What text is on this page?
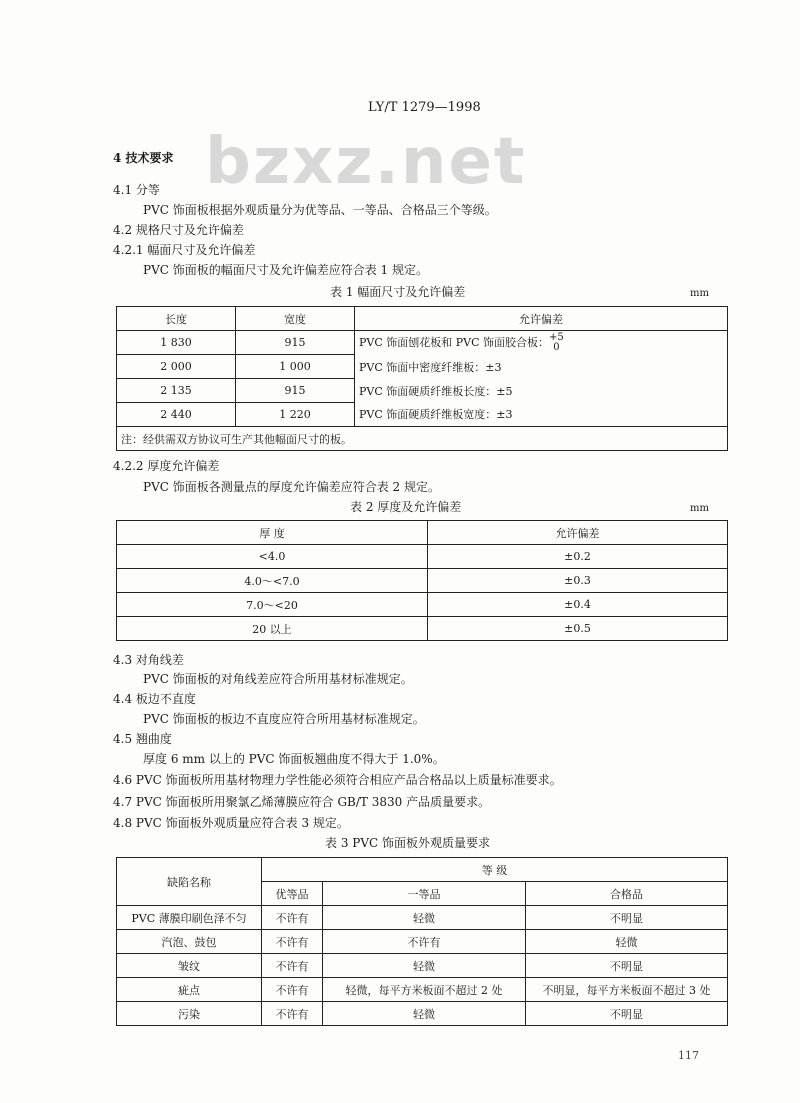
bzxz.net
LY/T 1279—1998
4 技术要求
4.1 分等
PVC 饰面板根据外观质量分为优等品、一等品、合格品三个等级。
4.2 规格尺寸及允许偏差
4.2.1 幅面尺寸及允许偏差
PVC 饰面板的幅面尺寸及允许偏差应符合表 1 规定。
表 1 幅面尺寸及允许偏差	mm
长度	宽度	允许偏差
1 830	915	PVC 饰面刨花板和 PVC 饰面胶合板：+5
0
2 000	1 000	PVC 饰面中密度纤维板：±3
2 135	915	PVC 饰面硬质纤维板长度：±5
2 440	1 220	PVC 饰面硬质纤维板宽度：±3
注：经供需双方协议可生产其他幅面尺寸的板。		
4.2.2 厚度允许偏差
PVC 饰面板各测量点的厚度允许偏差应符合表 2 规定。
表 2 厚度及允许偏差	mm
厚 度	允许偏差
<4.0	±0.2
4.0～<7.0	±0.3
7.0～<20	±0.4
20 以上	±0.5
4.3 对角线差
PVC 饰面板的对角线差应符合所用基材标准规定。
4.4 板边不直度
PVC 饰面板的板边不直度应符合所用基材标准规定。
4.5 翘曲度
厚度 6 mm 以上的 PVC 饰面板翘曲度不得大于 1.0%。
4.6 PVC 饰面板所用基材物理力学性能必须符合相应产品合格品以上质量标准要求。
4.7 PVC 饰面板所用聚氯乙烯薄膜应符合 GB/T 3830 产品质量要求。
4.8 PVC 饰面板外观质量应符合表 3 规定。
表 3 PVC 饰面板外观质量要求
缺陷名称	等 级		
	优等品	一等品	合格品
PVC 薄膜印刷色泽不匀	不许有	轻微	不明显
汽泡、鼓包	不许有	不许有	轻微
皱纹	不许有	轻微	不明显
疵点	不许有	轻微，每平方米板面不超过 2 处	不明显，每平方米板面不超过 3 处
污染	不许有	轻微	不明显
117
